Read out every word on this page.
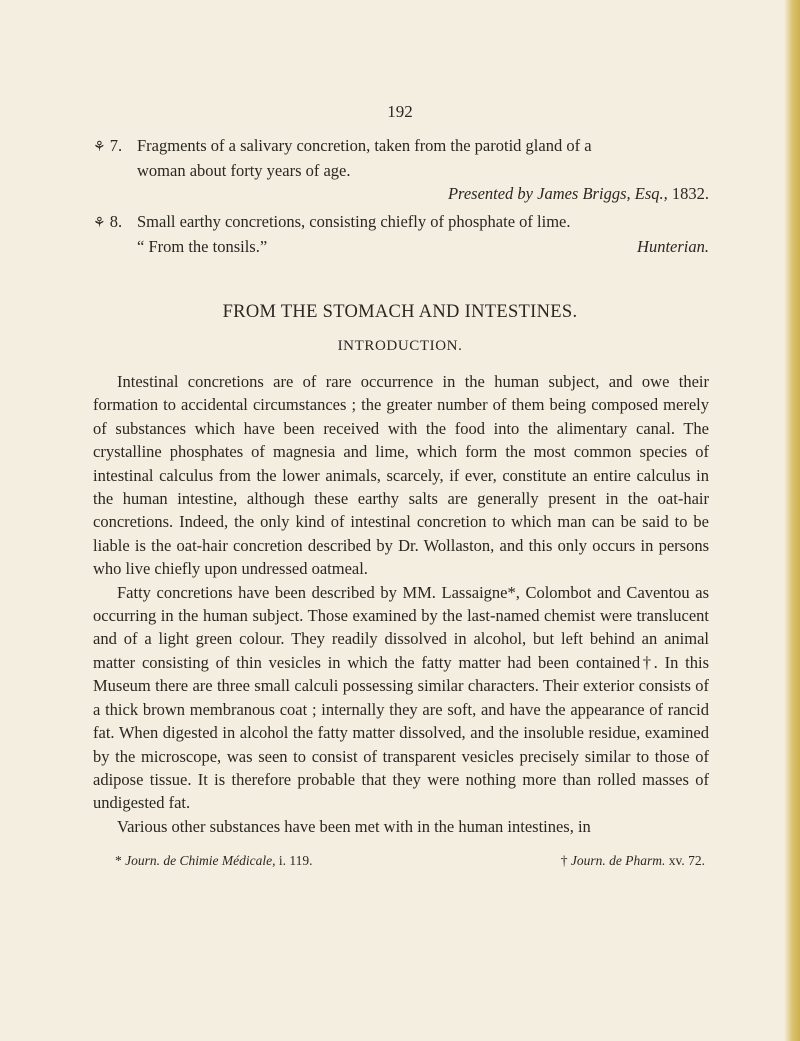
192
⚘ 7. Fragments of a salivary concretion, taken from the parotid gland of a
woman about forty years of age.
Presented by James Briggs, Esq., 1832.
⚘ 8. Small earthy concretions, consisting chiefly of phosphate of lime.
“ From the tonsils.”	Hunterian.
FROM THE STOMACH AND INTESTINES.
INTRODUCTION.

Intestinal concretions are of rare occurrence in the human subject, and owe their formation to accidental circumstances ; the greater number of them being composed merely of substances which have been received with the food into the alimentary canal. The crystalline phosphates of magnesia and lime, which form the most common species of intestinal calculus from the lower animals, scarcely, if ever, constitute an entire calculus in the human intestine, although these earthy salts are generally present in the oat-hair concretions. Indeed, the only kind of intestinal concretion to which man can be said to be liable is the oat-hair concretion described by Dr. Wollaston, and this only occurs in persons who live chiefly upon undressed oatmeal.

Fatty concretions have been described by MM. Lassaigne*, Colombot and Caventou as occurring in the human subject. Those examined by the last-named chemist were translucent and of a light green colour. They readily dissolved in alcohol, but left behind an animal matter consisting of thin vesicles in which the fatty matter had been contained†. In this Museum there are three small calculi possessing similar characters. Their exterior consists of a thick brown membranous coat ; internally they are soft, and have the appearance of rancid fat. When digested in alcohol the fatty matter dissolved, and the insoluble residue, examined by the microscope, was seen to consist of transparent vesicles precisely similar to those of adipose tissue. It is therefore probable that they were nothing more than rolled masses of undigested fat.

Various other substances have been met with in the human intestines, in

* Journ. de Chimie Médicale, i. 119.	† Journ. de Pharm. xv. 72.
